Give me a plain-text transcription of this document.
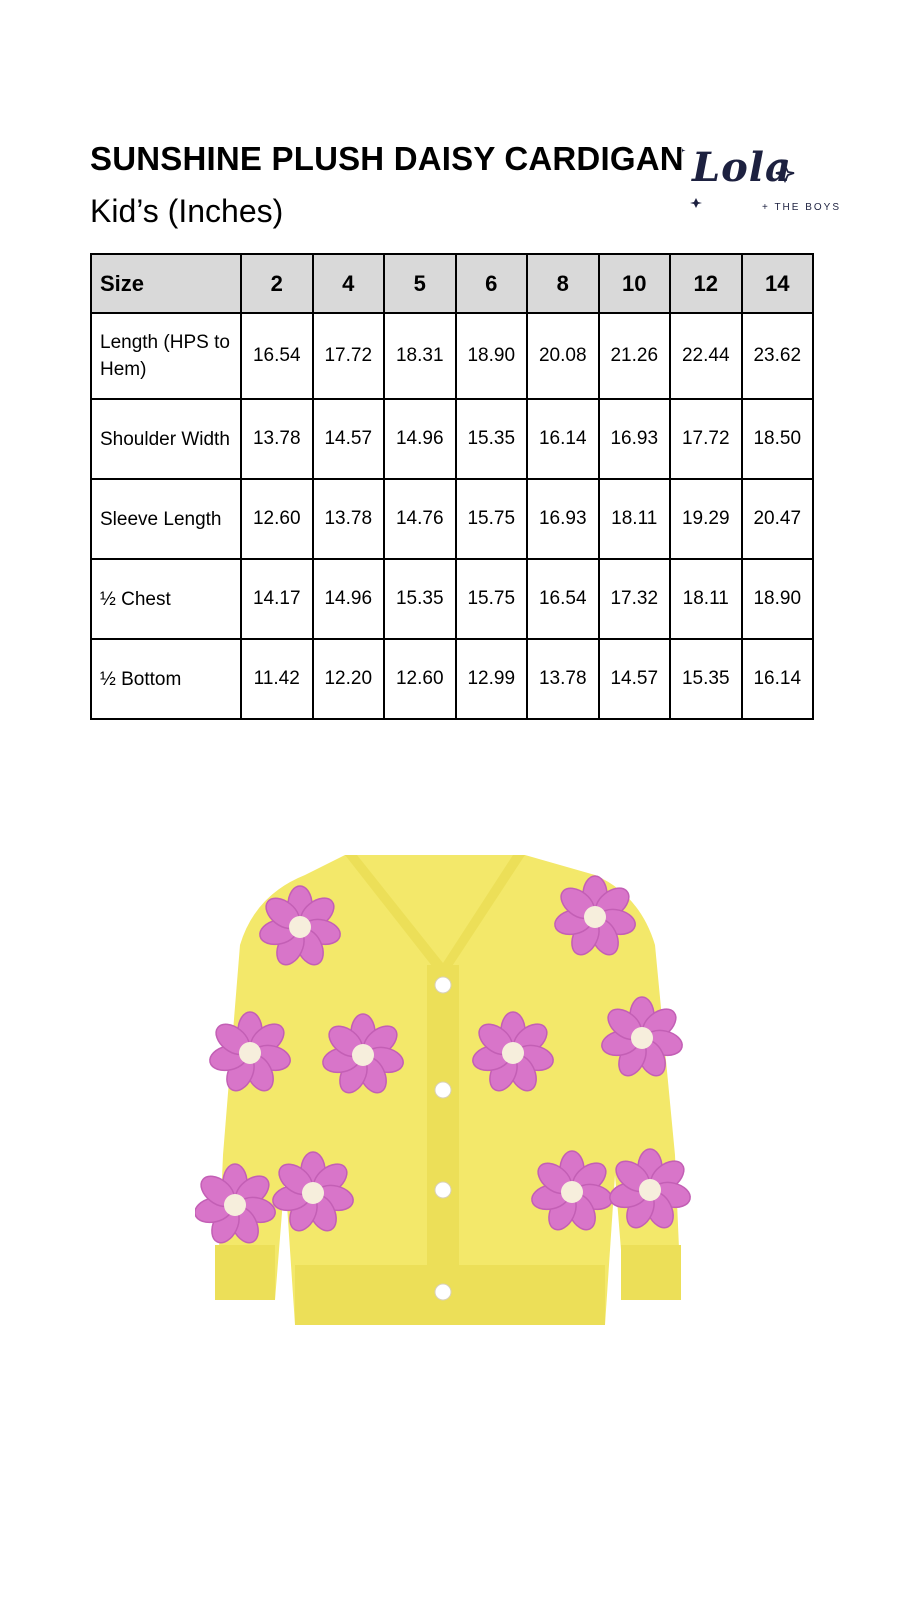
SUNSHINE PLUSH DAISY CARDIGAN
Kid’s (Inches)
Lola
+ THE BOYS
Size	2	4	5	6	8	10	12	14
Length (HPS to Hem)	16.54	17.72	18.31	18.90	20.08	21.26	22.44	23.62
Shoulder Width	13.78	14.57	14.96	15.35	16.14	16.93	17.72	18.50
Sleeve Length	12.60	13.78	14.76	15.75	16.93	18.11	19.29	20.47
½ Chest	14.17	14.96	15.35	15.75	16.54	17.32	18.11	18.90
½ Bottom	11.42	12.20	12.60	12.99	13.78	14.57	15.35	16.14
